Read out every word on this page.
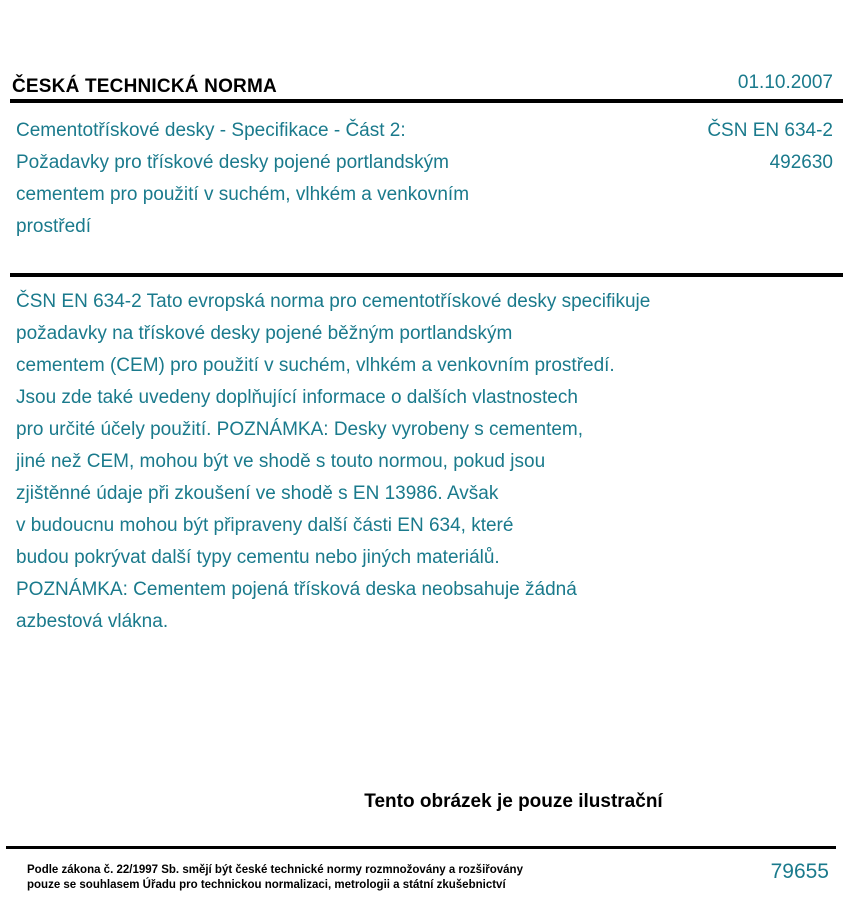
ČESKÁ TECHNICKÁ NORMA	01.10.2007
Cementotřískové desky - Specifikace - Část 2: Požadavky pro třískové desky pojené portlandským cementem pro použití v suchém, vlhkém a venkovním prostředí
ČSN EN 634-2
492630
ČSN EN 634-2 Tato evropská norma pro cementotřískové desky specifikuje
požadavky na třískové desky pojené běžným portlandským
cementem (CEM) pro použití v suchém, vlhkém a venkovním prostředí.
Jsou zde také uvedeny doplňující informace o dalších vlastnostech
pro určité účely použití. POZNÁMKA: Desky vyrobeny s cementem,
jiné než CEM, mohou být ve shodě s touto normou, pokud jsou
zjištěnné údaje při zkoušení ve shodě s EN 13986. Avšak
v budoucnu mohou být připraveny další části EN 634, které
budou pokrývat další typy cementu nebo jiných materiálů.
POZNÁMKA: Cementem pojená třísková deska neobsahuje žádná
azbestová vlákna.
Tento obrázek je pouze ilustrační
Podle zákona č. 22/1997 Sb. smějí být české technické normy rozmnožovány a rozšiřovány
pouze se souhlasem Úřadu pro technickou normalizaci, metrologii a státní zkušebnictví
79655
